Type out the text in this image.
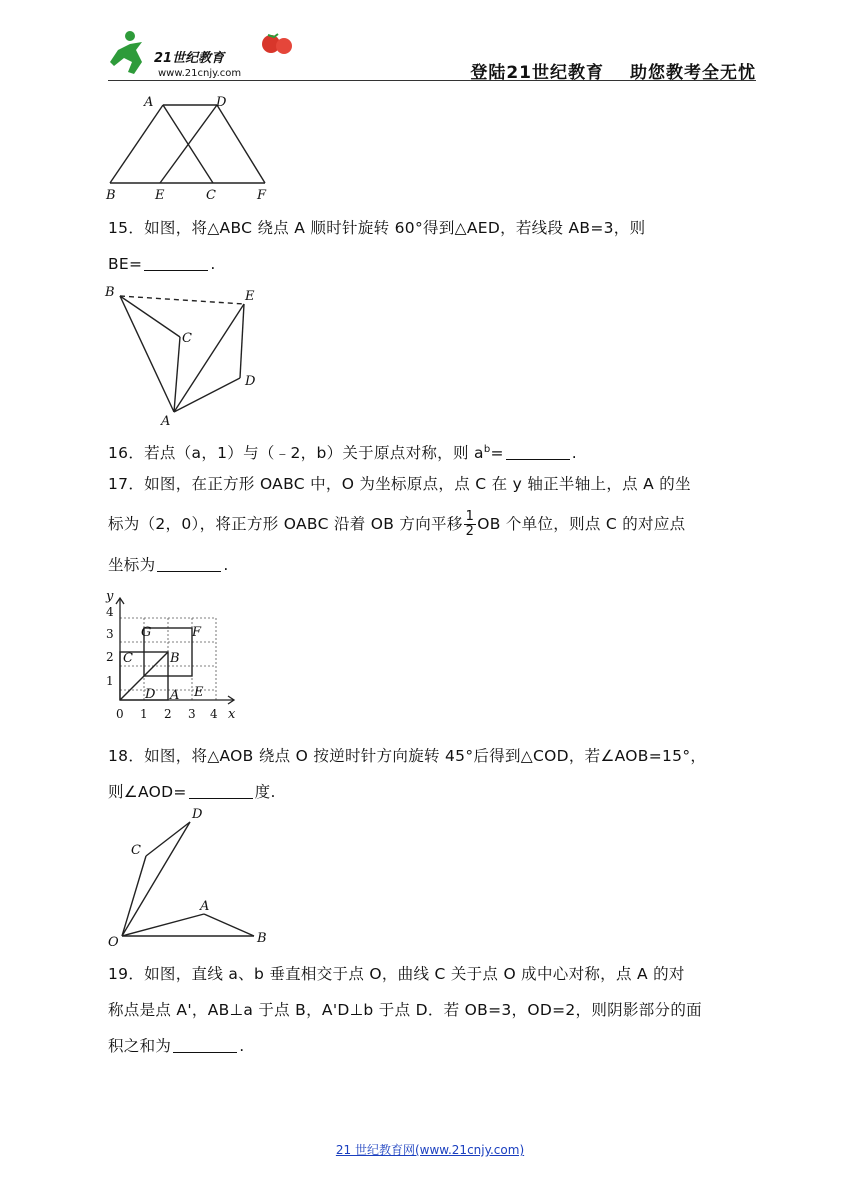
21世纪教育
www.21cnjy.com	登陆21世纪教育 助您教考全无忧
A	D
B	E	C	F
15．如图，将△ABC 绕点 A 顺时针旋转 60°得到△AED，若线段 AB=3，则
BE=	.
B	E
C
D
A
16．若点（a，1）与（﹣2，b）关于原点对称，则 $a^b=$	.
17．如图，在正方形 OABC 中，O 为坐标原点，点 C 在 y 轴正半轴上，点 A 的坐
标为（2，0），将正方形 OABC 沿着 OB 方向平移 $\frac{1}{2}$ OB 个单位，则点 C 的对应点
坐标为	.
y
x
1
2
3
4
0 1 2 3 4
G	F
C	B
D A E
18．如图，将△AOB 绕点 O 按逆时针方向旋转 45°后得到△COD，若∠AOB=15°，
则∠AOD=	度.
D
C
A
O	B
19．如图，直线 a、b 垂直相交于点 O，曲线 C 关于点 O 成中心对称，点 A 的对
称点是点 A'，AB⊥a 于点 B，A'D⊥b 于点 D．若 OB=3，OD=2，则阴影部分的面
积之和为	.
21 世纪教育网(www.21cnjy.com)
